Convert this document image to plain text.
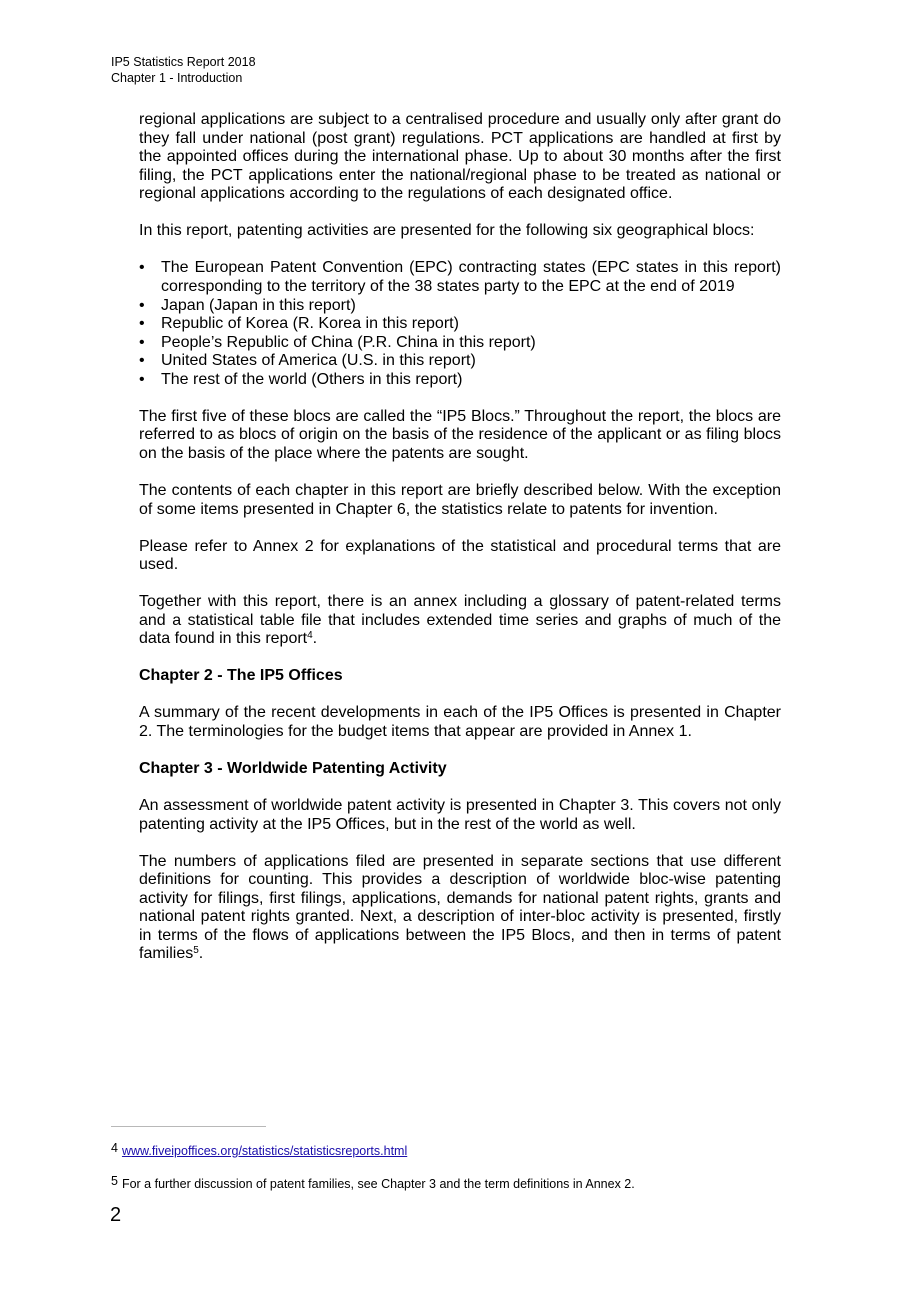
IP5 Statistics Report 2018
Chapter 1 - Introduction

regional applications are subject to a centralised procedure and usually only after grant do they fall under national (post grant) regulations. PCT applications are handled at first by the appointed offices during the international phase. Up to about 30 months after the first filing, the PCT applications enter the national/regional phase to be treated as national or regional applications according to the regulations of each designated office.

In this report, patenting activities are presented for the following six geographical blocs:

• The European Patent Convention (EPC) contracting states (EPC states in this report) corresponding to the territory of the 38 states party to the EPC at the end of 2019
• Japan (Japan in this report)
• Republic of Korea (R. Korea in this report)
• People’s Republic of China (P.R. China in this report)
• United States of America (U.S. in this report)
• The rest of the world (Others in this report)

The first five of these blocs are called the “IP5 Blocs.” Throughout the report, the blocs are referred to as blocs of origin on the basis of the residence of the applicant or as filing blocs on the basis of the place where the patents are sought.

The contents of each chapter in this report are briefly described below. With the exception of some items presented in Chapter 6, the statistics relate to patents for invention.

Please refer to Annex 2 for explanations of the statistical and procedural terms that are used.

Together with this report, there is an annex including a glossary of patent-related terms and a statistical table file that includes extended time series and graphs of much of the data found in this report$^4$.

Chapter 2 - The IP5 Offices

A summary of the recent developments in each of the IP5 Offices is presented in Chapter 2. The terminologies for the budget items that appear are provided in Annex 1.

Chapter 3 - Worldwide Patenting Activity

An assessment of worldwide patent activity is presented in Chapter 3. This covers not only patenting activity at the IP5 Offices, but in the rest of the world as well.

The numbers of applications filed are presented in separate sections that use different definitions for counting. This provides a description of worldwide bloc-wise patenting activity for filings, first filings, applications, demands for national patent rights, grants and national patent rights granted. Next, a description of inter-bloc activity is presented, firstly in terms of the flows of applications between the IP5 Blocs, and then in terms of patent families$^5$.

4 www.fiveipoffices.org/statistics/statisticsreports.html
5 For a further discussion of patent families, see Chapter 3 and the term definitions in Annex 2.
2
